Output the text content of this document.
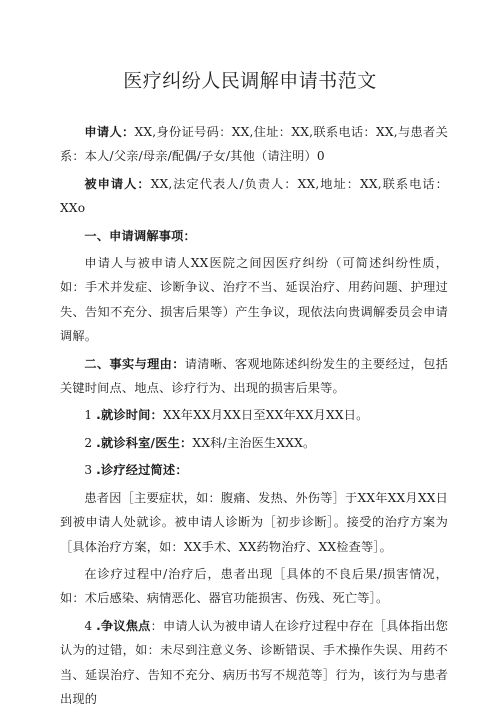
医疗纠纷人民调解申请书范文

申请人：XX,身份证号码：XX,住址：XX,联系电话：XX,与患者关系：本人/父亲/母亲/配偶/子女/其他（请注明）0

被申请人：XX,法定代表人/负责人：XX,地址：XX,联系电话：XXo

一、申请调解事项：

申请人与被申请人XX医院之间因医疗纠纷（可简述纠纷性质，如：手术并发症、诊断争议、治疗不当、延误治疗、用药问题、护理过失、告知不充分、损害后果等）产生争议，现依法向贵调解委员会申请调解。

二、事实与理由：请清晰、客观地陈述纠纷发生的主要经过，包括关键时间点、地点、诊疗行为、出现的损害后果等。

1.就诊时间：XX年XX月XX日至XX年XX月XX日。

2.就诊科室/医生：XX科/主治医生XXX。

3.诊疗经过简述：

患者因［主要症状，如：腹痛、发热、外伤等］于XX年XX月XX日到被申请人处就诊。被申请人诊断为［初步诊断］。接受的治疗方案为［具体治疗方案，如：XX手术、XX药物治疗、XX检查等］。

在诊疗过程中/治疗后，患者出现［具体的不良后果/损害情况，如：术后感染、病情恶化、器官功能损害、伤残、死亡等］。

4.争议焦点：申请人认为被申请人在诊疗过程中存在［具体指出您认为的过错，如：未尽到注意义务、诊断错误、手术操作失误、用药不当、延误治疗、告知不充分、病历书写不规范等］行为，该行为与患者出现的
